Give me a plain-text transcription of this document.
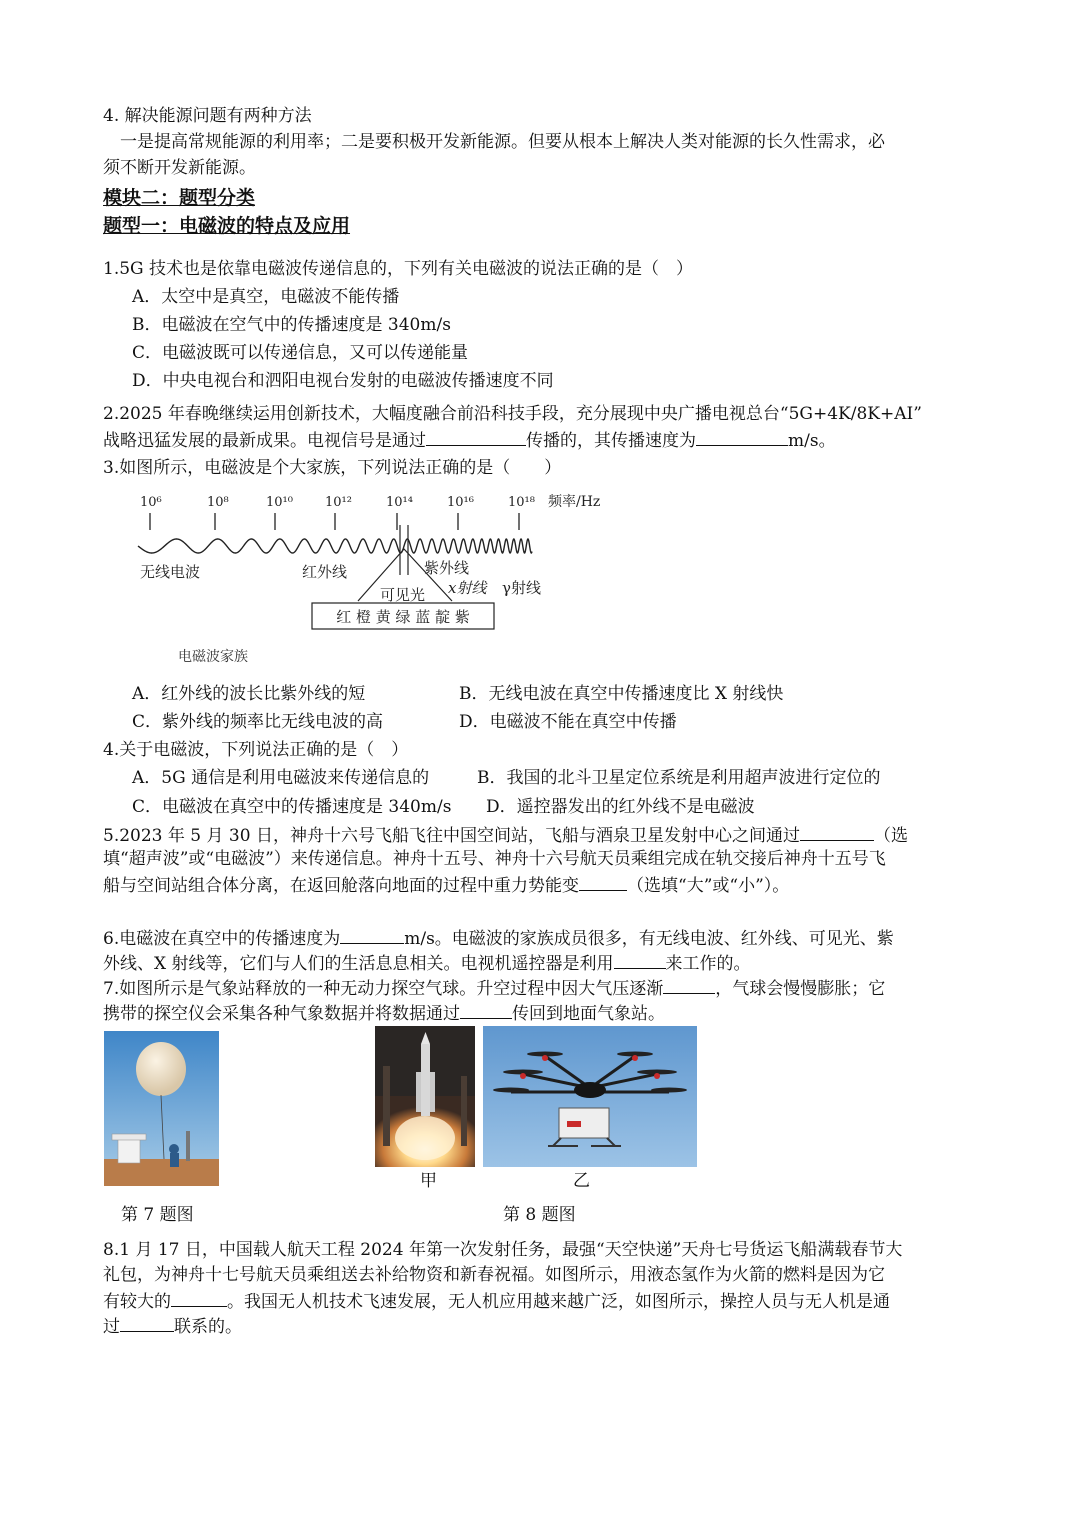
4. 解决能源问题有两种方法
一是提高常规能源的利用率；二是要积极开发新能源。但要从根本上解决人类对能源的长久性需求，必
须不断开发新能源。
模块二：题型分类
题型一：电磁波的特点及应用
1.5G 技术也是依靠电磁波传递信息的，下列有关电磁波的说法正确的是（　）
A．太空中是真空，电磁波不能传播
B．电磁波在空气中的传播速度是 340m/s
C．电磁波既可以传递信息，又可以传递能量
D．中央电视台和泗阳电视台发射的电磁波传播速度不同
2.2025 年春晚继续运用创新技术，大幅度融合前沿科技手段，充分展现中央广播电视总台“5G+4K/8K+AI”
战略迅猛发展的最新成果。电视信号是通过	传播的，其传播速度为	m/s。
3.如图所示，电磁波是个大家族，下列说法正确的是（　　）
10⁶	10⁸	10¹⁰ 10¹²	10¹⁴	10¹⁶	10¹⁸ 频率/Hz
无线电波	红外线	紫外线
可见光 x射线 γ射线
红 橙 黄 绿 蓝 靛 紫
电磁波家族
A．红外线的波长比紫外线的短	B．无线电波在真空中传播速度比 X 射线快
C．紫外线的频率比无线电波的高	D．电磁波不能在真空中传播
4.关于电磁波，下列说法正确的是（　）
A．5G 通信是利用电磁波来传递信息的	B．我国的北斗卫星定位系统是利用超声波进行定位的
C．电磁波在真空中的传播速度是 340m/s D．遥控器发出的红外线不是电磁波
5.2023 年 5 月 30 日，神舟十六号飞船飞往中国空间站，飞船与酒泉卫星发射中心之间通过	（选
填“超声波”或“电磁波”）来传递信息。神舟十五号、神舟十六号航天员乘组完成在轨交接后神舟十五号飞
船与空间站组合体分离，在返回舱落向地面的过程中重力势能变	（选填“大”或“小”）。
6.电磁波在真空中的传播速度为	m/s。电磁波的家族成员很多，有无线电波、红外线、可见光、紫
外线、X 射线等，它们与人们的生活息息相关。电视机遥控器是利用	来工作的。
7.如图所示是气象站释放的一种无动力探空气球。升空过程中因大气压逐渐	，气球会慢慢膨胀；它
携带的探空仪会采集各种气象数据并将数据通过	传回到地面气象站。
甲	乙
第 7 题图	第 8 题图
8.1 月 17 日，中国载人航天工程 2024 年第一次发射任务，最强“天空快递”天舟七号货运飞船满载春节大
礼包，为神舟十七号航天员乘组送去补给物资和新春祝福。如图所示，用液态氢作为火箭的燃料是因为它
有较大的	。我国无人机技术飞速发展，无人机应用越来越广泛，如图所示，操控人员与无人机是通
过	联系的。
